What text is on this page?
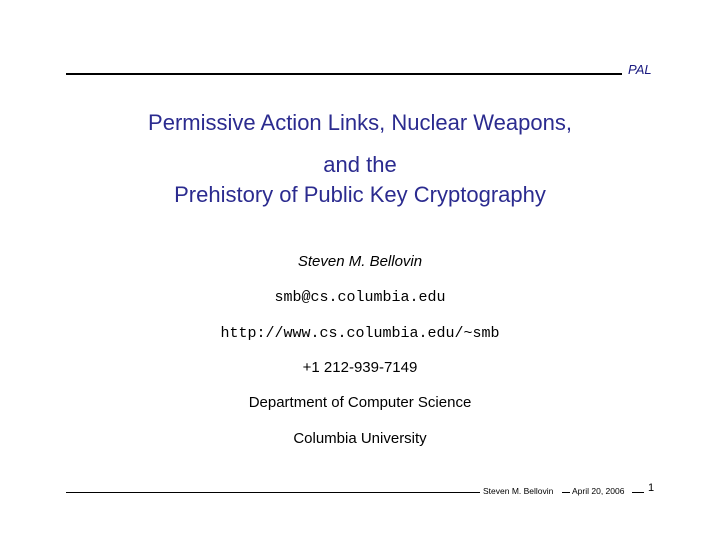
PAL
Permissive Action Links, Nuclear Weapons,
and the
Prehistory of Public Key Cryptography
Steven M. Bellovin
smb@cs.columbia.edu
http://www.cs.columbia.edu/~smb
+1 212-939-7149
Department of Computer Science
Columbia University
Steven M. Bellovin April 20, 2006 1
